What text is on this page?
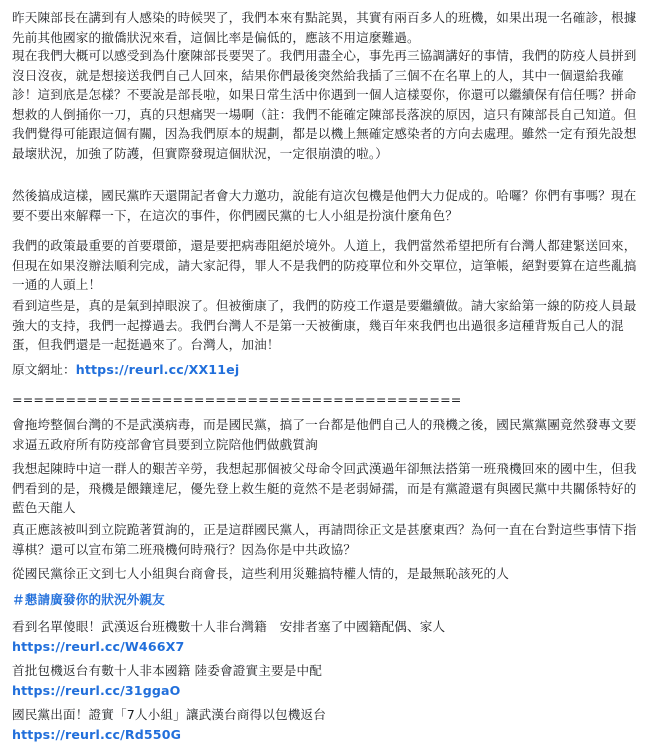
昨天陳部長在講到有人感染的時候哭了，我們本來有點詫異，其實有兩百多人的班機，如果出現一名確診，根據先前其他國家的撤僑狀況來看，這個比率是偏低的，應該不用這麼難過。

現在我們大概可以感受到為什麼陳部長要哭了。我們用盡全心，事先再三協調講好的事情，我們的防疫人員拼到沒日沒夜，就是想接送我們自己人回來，結果你們最後突然給我插了三個不在名單上的人，其中一個還給我確診！這到底是怎樣？不要說是部長啦，如果日常生活中你遇到一個人這樣耍你，你還可以繼續保有信任嗎？拼命想救的人倒捅你一刀，真的只想痛哭一場啊（註：我們不能確定陳部長落淚的原因，這只有陳部長自己知道。但我們覺得可能跟這個有關，因為我們原本的規劃，都是以機上無確定感染者的方向去處理。雖然一定有預先設想最壞狀況，加強了防護，但實際發現這個狀況，一定很崩潰的啦。）

然後搞成這樣，國民黨昨天還開記者會大力邀功，說能有這次包機是他們大力促成的。哈囉？你們有事嗎？現在要不要出來解釋一下，在這次的事件，你們國民黨的七人小組是扮演什麼角色？

我們的政策最重要的首要環節，還是要把病毒阻絕於境外。人道上，我們當然希望把所有台灣人都建緊送回來，但現在如果沒辦法順利完成，請大家記得，罪人不是我們的防疫單位和外交單位，這筆帳，絕對要算在這些亂搞一通的人頭上！

看到這些是，真的是氣到掉眼淚了。但被衝康了，我們的防疫工作還是要繼續做。請大家給第一線的防疫人員最強大的支持，我們一起撐過去。我們台灣人不是第一天被衝康，幾百年來我們也出過很多這種背叛自己人的混蛋，但我們還是一起挺過來了。台灣人，加油！

原文網址：https://reurl.cc/XX11ej

==========================================

會拖垮整個台灣的不是武漢病毒，而是國民黨，搞了一台都是他們自己人的飛機之後，國民黨黨團竟然發專文要求逼五政府所有防疫部會官員要到立院陪他們做戲質詢

我想起陳時中這一群人的艱苦辛勞，我想起那個被父母命令回武漢過年卻無法搭第一班飛機回來的國中生，但我們看到的是，飛機是餵鑲達尼，優先登上救生艇的竟然不是老弱婦孺，而是有黨證還有與國民黨中共關係特好的藍色天龍人

真正應該被叫到立院跪著質詢的，正是這群國民黨人，再請問徐正文是甚麼東西？為何一直在台對這些事情下指導棋？還可以宣布第二班飛機何時飛行？因為你是中共政協？

從國民黨徐正文到七人小組與台商會長，這些利用災難搞特權人情的，是最無恥該死的人

＃懇請廣發你的狀況外親友

看到名單傻眼！武漢返台班機數十人非台灣籍　安排者塞了中國籍配偶、家人

https://reurl.cc/W466X7

首批包機返台有數十人非本國籍 陸委會證實主要是中配

https://reurl.cc/31ggaO

國民黨出面！證實「7人小組」讓武漢台商得以包機返台

https://reurl.cc/Rd550G
